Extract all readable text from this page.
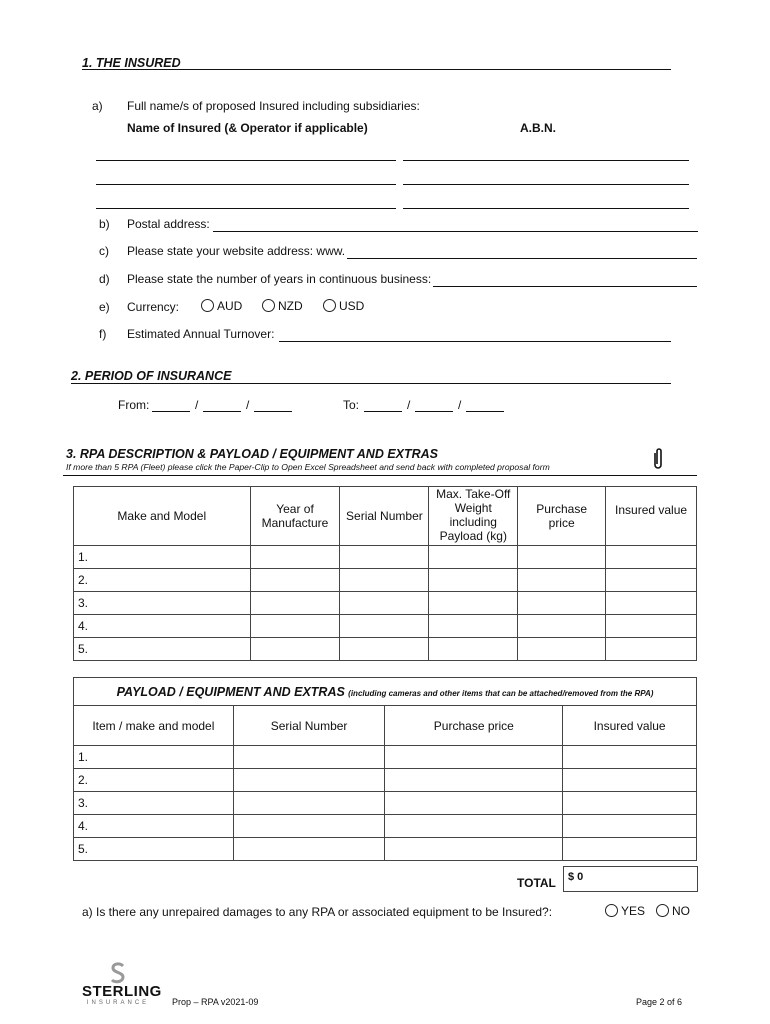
1. THE INSURED
a) Full name/s of proposed Insured including subsidiaries:
Name of Insured (& Operator if applicable)	A.B.N.
b) Postal address:
c) Please state your website address: www.
d) Please state the number of years in continuous business:
e) Currency:	AUD	NZD	USD
f) Estimated Annual Turnover:
2. PERIOD OF INSURANCE
From:	/	/	To:	/	/
3. RPA DESCRIPTION & PAYLOAD / EQUIPMENT AND EXTRAS
If more than 5 RPA (Fleet) please click the Paper-Clip to Open Excel Spreadsheet and send back with completed proposal form
Make and Model	Year of Manufacture	Serial Number	Max. Take-Off Weight including Payload (kg)	Purchase price	Insured value
1.					
2.					
3.					
4.					
5.					
PAYLOAD / EQUIPMENT AND EXTRAS (including cameras and other items that can be attached/removed from the RPA)			
Item / make and model	Serial Number	Purchase price	Insured value
1.			
2.			
3.			
4.			
5.			
TOTAL $ 0
a) Is there any unrepaired damages to any RPA or associated equipment to be Insured?:	YES	NO
STERLING
INSURANCE	Prop – RPA v2021-09	Page 2 of 6
